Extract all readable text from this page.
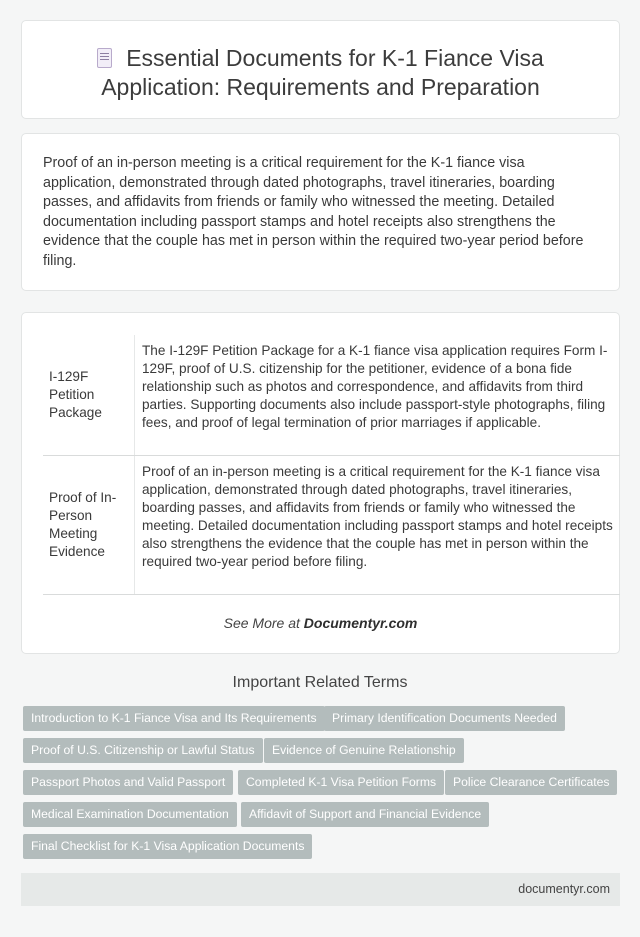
Essential Documents for K-1 Fiance Visa
Application: Requirements and Preparation

Proof of an in-person meeting is a critical requirement for the K-1 fiance visa application, demonstrated through dated photographs, travel itineraries, boarding passes, and affidavits from friends or family who witnessed the meeting. Detailed documentation including passport stamps and hotel receipts also strengthens the evidence that the couple has met in person within the required two-year period before filing.

I-129F Petition Package
The I-129F Petition Package for a K-1 fiance visa application requires Form I-129F, proof of U.S. citizenship for the petitioner, evidence of a bona fide relationship such as photos and correspondence, and affidavits from third parties. Supporting documents also include passport-style photographs, filing fees, and proof of legal termination of prior marriages if applicable.
Proof of In-Person Meeting Evidence
Proof of an in-person meeting is a critical requirement for the K-1 fiance visa application, demonstrated through dated photographs, travel itineraries, boarding passes, and affidavits from friends or family who witnessed the meeting. Detailed documentation including passport stamps and hotel receipts also strengthens the evidence that the couple has met in person within the required two-year period before filing.
See More at Documentyr.com
Important Related Terms
Introduction to K-1 Fiance Visa and Its Requirements	Primary Identification Documents Needed
Proof of U.S. Citizenship or Lawful Status	Evidence of Genuine Relationship
Passport Photos and Valid Passport	Completed K-1 Visa Petition Forms	Police Clearance Certificates
Medical Examination Documentation	Affidavit of Support and Financial Evidence
Final Checklist for K-1 Visa Application Documents
documentyr.com
